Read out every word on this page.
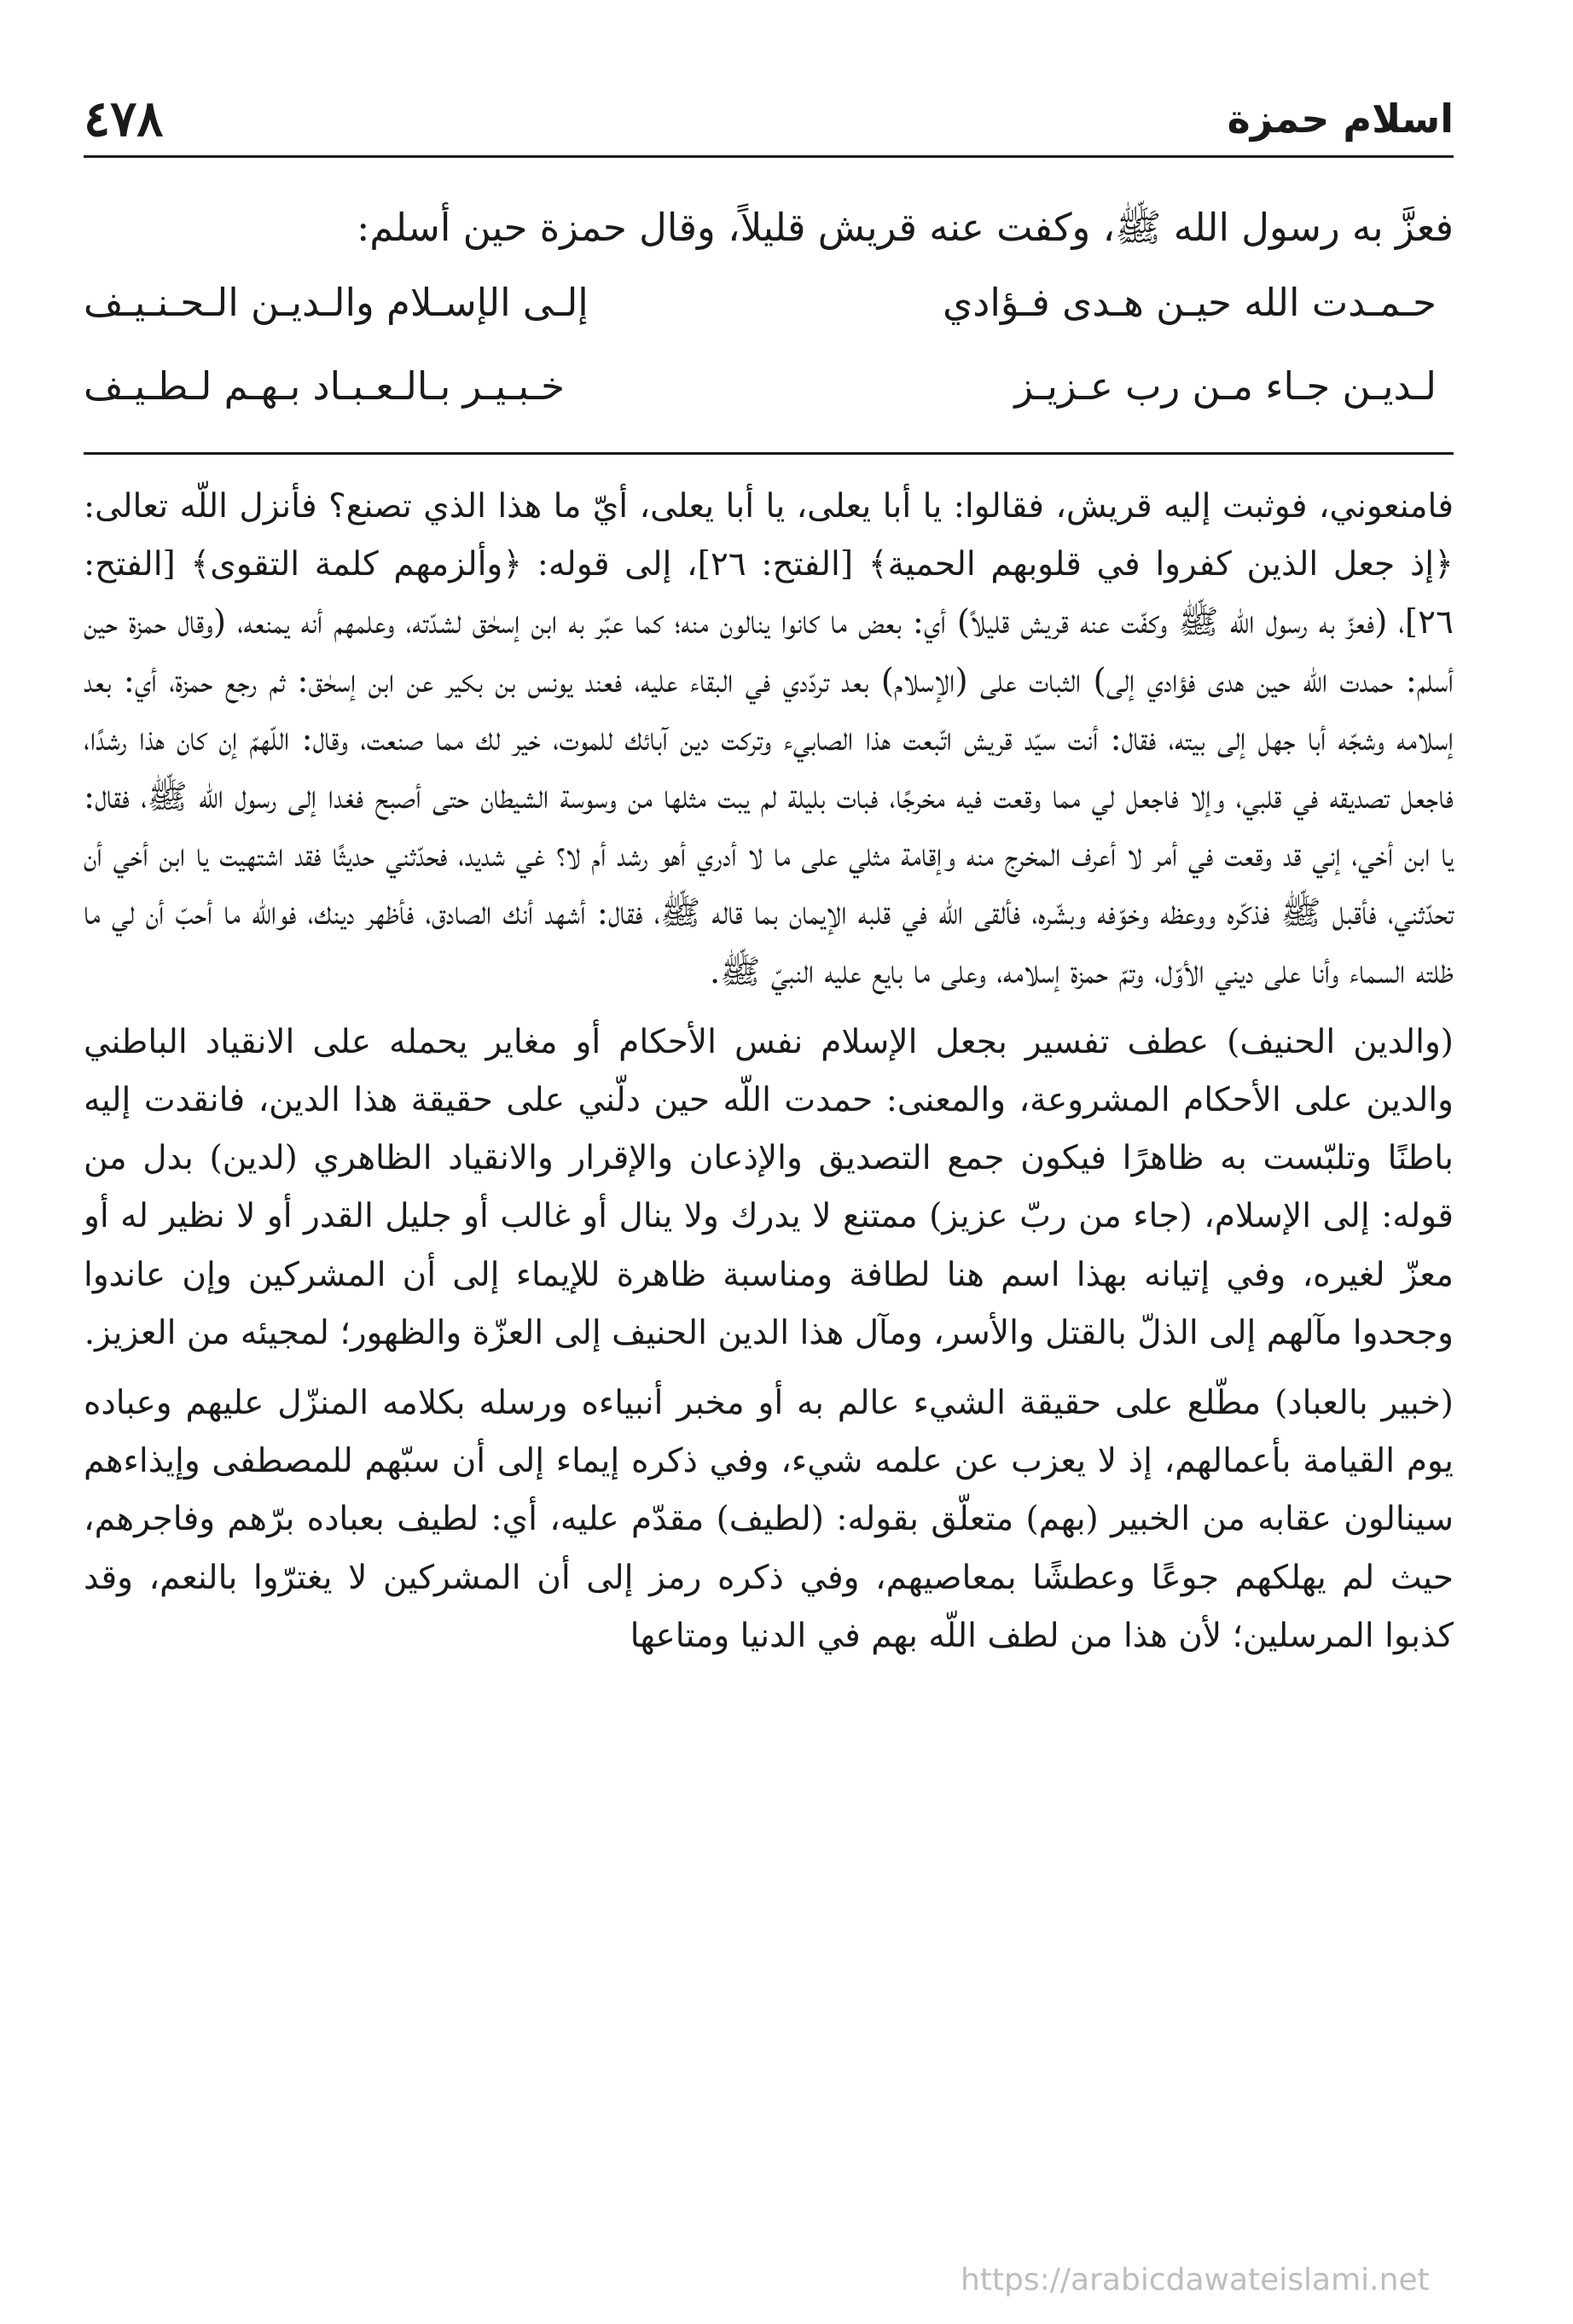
اسلام حمزة
٤٧٨

فعزَّ به رسول الله ﷺ، وكفت عنه قريش قليلاً، وقال حمزة حين أسلم:

حـمـدت الله حيـن هـدى فـؤادي
إلـى الإسـلام والـديـن الـحـنـيـف
لـديـن جـاء مـن رب عـزيـز
خـبـيـر بـالـعـبـاد بـهـم لـطـيـف

فامنعوني، فوثبت إليه قريش، فقالوا: يا أبا يعلى، يا أبا يعلى، أيّ ما هذا الذي تصنع؟ فأنزل اللّه تعالى: ﴿إذ جعل الذين كفروا في قلوبهم الحمية﴾ [الفتح: ٢٦]، إلى قوله: ﴿وألزمهم كلمة التقوى﴾ [الفتح: ٢٦]، (فعزّ به رسول اللّه ﷺ وكفّت عنه قريش قليلاً) أي: بعض ما كانوا ينالون منه؛ كما عبّر به ابن إسحٰق لشدّته، وعلمهم أنه يمنعه، (وقال حمزة حين أسلم: حمدت اللّه حين هدى فؤادي إلى) الثبات على (الإسلام) بعد تردّدي في البقاء عليه، فعند يونس بن بكير عن ابن إسحٰق: ثم رجع حمزة، أي: بعد إسلامه وشجّه أبا جهل إلى بيته، فقال: أنت سيّد قريش اتّبعت هذا الصابيء وتركت دين آبائك للموت، خير لك مما صنعت، وقال: اللّهمّ إن كان هذا رشدًا، فاجعل تصديقه في قلبي، وإلا فاجعل لي مما وقعت فيه مخرجًا، فبات بليلة لم يبت مثلها من وسوسة الشيطان حتى أصبح فغدا إلى رسول اللّه ﷺ، فقال: يا ابن أخي، إني قد وقعت في أمر لا أعرف المخرج منه وإقامة مثلي على ما لا أدري أهو رشد أم لا؟ غي شديد، فحدّثني حديثًا فقد اشتهيت يا ابن أخي أن تحدّثني، فأقبل ﷺ فذكّره ووعظه وخوّفه وبشّره، فألقى اللّه في قلبه الإيمان بما قاله ﷺ، فقال: أشهد أنك الصادق، فأظهر دينك، فواللّه ما أحبّ أن لي ما ظلته السماء وأنا على ديني الأوّل، وتمّ حمزة إسلامه، وعلى ما بايع عليه النبيّ ﷺ.

(والدين الحنيف) عطف تفسير بجعل الإسلام نفس الأحكام أو مغاير يحمله على الانقياد الباطني والدين على الأحكام المشروعة، والمعنى: حمدت اللّه حين دلّني على حقيقة هذا الدين، فانقدت إليه باطنًا وتلبّست به ظاهرًا فيكون جمع التصديق والإذعان والإقرار والانقياد الظاهري (لدين) بدل من قوله: إلى الإسلام، (جاء من ربّ عزيز) ممتنع لا يدرك ولا ينال أو غالب أو جليل القدر أو لا نظير له أو معزّ لغيره، وفي إتيانه بهذا اسم هنا لطافة ومناسبة ظاهرة للإيماء إلى أن المشركين وإن عاندوا وجحدوا مآلهم إلى الذلّ بالقتل والأسر، ومآل هذا الدين الحنيف إلى العزّة والظهور؛ لمجيئه من العزيز.

(خبير بالعباد) مطّلع على حقيقة الشيء عالم به أو مخبر أنبياءه ورسله بكلامه المنزّل عليهم وعباده يوم القيامة بأعمالهم، إذ لا يعزب عن علمه شيء، وفي ذكره إيماء إلى أن سبّهم للمصطفى وإيذاءهم سينالون عقابه من الخبير (بهم) متعلّق بقوله: (لطيف) مقدّم عليه، أي: لطيف بعباده برّهم وفاجرهم، حيث لم يهلكهم جوعًا وعطشًا بمعاصيهم، وفي ذكره رمز إلى أن المشركين لا يغترّوا بالنعم، وقد كذبوا المرسلين؛ لأن هذا من لطف اللّه بهم في الدنيا ومتاعها

https://arabicdawateislami.net
